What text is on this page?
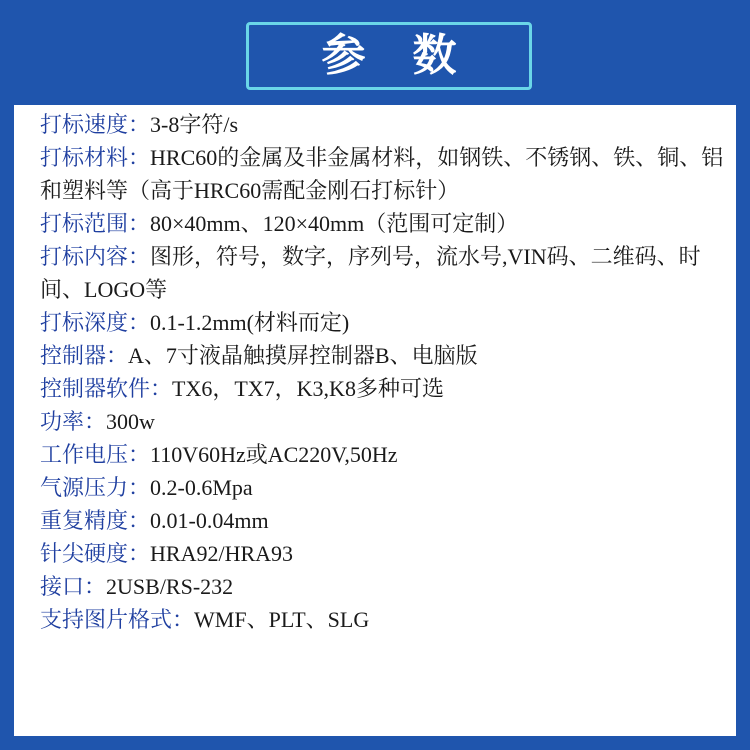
参 数
打标速度：3-8字符/s
打标材料：HRC60的金属及非金属材料，如钢铁、不锈钢、铁、铜、铝和塑料等（高于HRC60需配金刚石打标针）
打标范围：80×40mm、120×40mm（范围可定制）
打标内容：图形，符号，数字，序列号，流水号,VIN码、二维码、时间、LOGO等
打标深度：0.1-1.2mm(材料而定)
控制器：A、7寸液晶触摸屏控制器B、电脑版
控制器软件：TX6，TX7，K3,K8多种可选
功率：300w
工作电压：110V60Hz或AC220V,50Hz
气源压力：0.2-0.6Mpa
重复精度：0.01-0.04mm
针尖硬度：HRA92/HRA93
接口：2USB/RS-232
支持图片格式：WMF、PLT、SLG
